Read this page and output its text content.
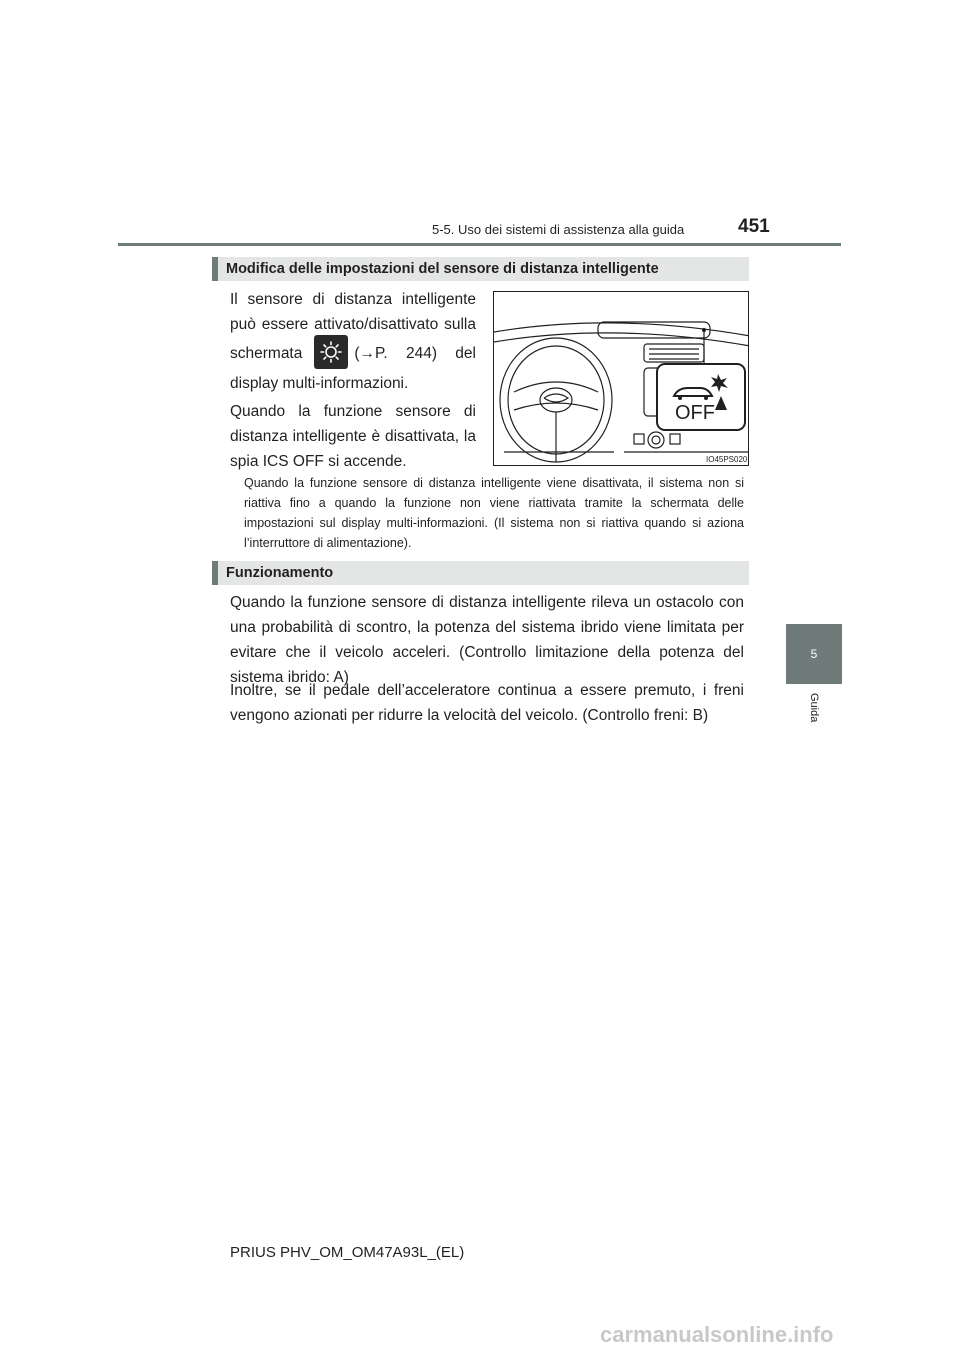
5-5. Uso dei sistemi di assistenza alla guida	451
5
Guida
Modifica delle impostazioni del sensore di distanza intelligente

Il sensore di distanza intelligente può essere attivato/disattivato sulla schermata	(→P. 244) del display multi-informazioni.

Quando la funzione sensore di distanza intelligente è disattivata, la spia ICS OFF si accende.

OFF
IO45PS020

Quando la funzione sensore di distanza intelligente viene disattivata, il sistema non si riattiva fino a quando la funzione non viene riattivata tramite la schermata delle impostazioni sul display multi-informazioni. (Il sistema non si riattiva quando si aziona l’interruttore di alimentazione).

Funzionamento

Quando la funzione sensore di distanza intelligente rileva un ostacolo con una probabilità di scontro, la potenza del sistema ibrido viene limitata per evitare che il veicolo acceleri. (Controllo limitazione della potenza del sistema ibrido: A)

Inoltre, se il pedale dell’acceleratore continua a essere premuto, i freni vengono azionati per ridurre la velocità del veicolo. (Controllo freni: B)

PRIUS PHV_OM_OM47A93L_(EL)
carmanualsonline.info
